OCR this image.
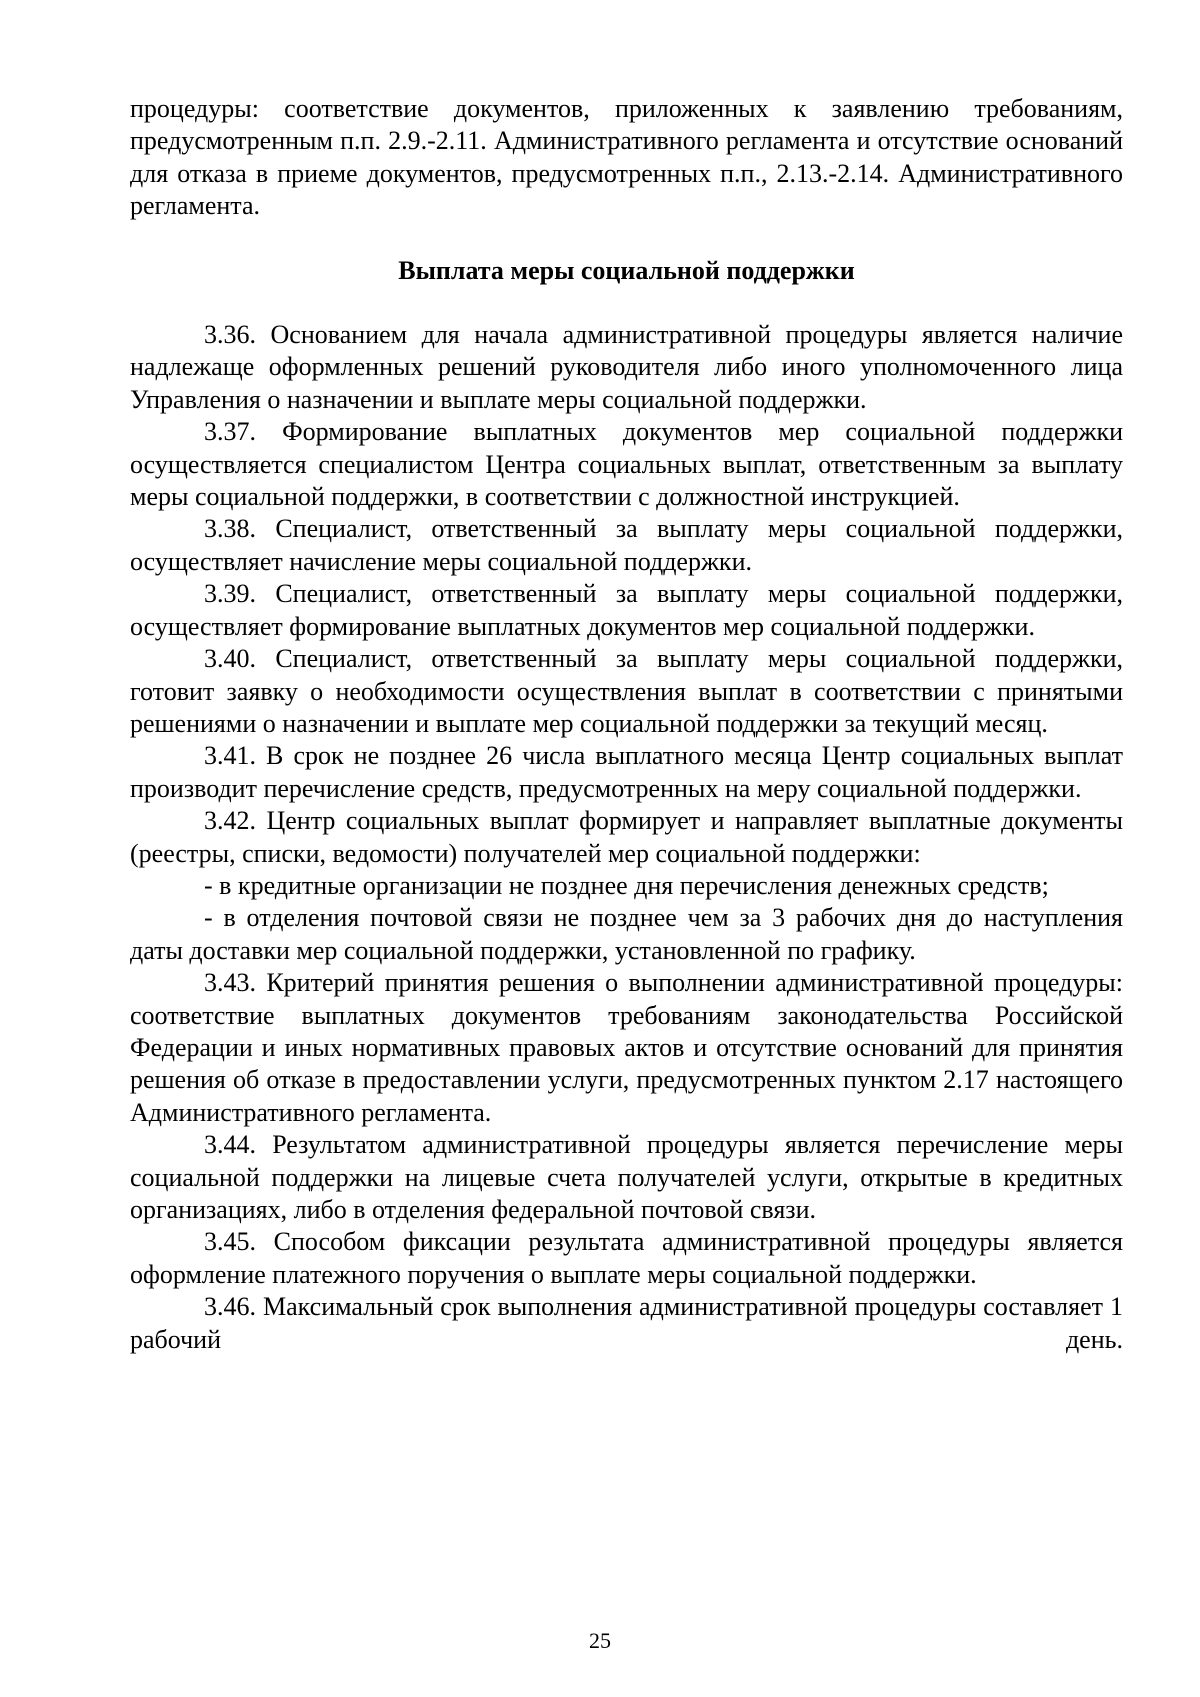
процедуры: соответствие документов, приложенных к заявлению требованиям, предусмотренным п.п. 2.9.-2.11. Административного регламента и отсутствие оснований для отказа в приеме документов, предусмотренных п.п., 2.13.-2.14. Административного регламента.

Выплата меры социальной поддержки

3.36. Основанием для начала административной процедуры является наличие надлежаще оформленных решений руководителя либо иного уполномоченного лица Управления о назначении и выплате меры социальной поддержки.

3.37. Формирование выплатных документов мер социальной поддержки осуществляется специалистом Центра социальных выплат, ответственным за выплату меры социальной поддержки, в соответствии с должностной инструкцией.

3.38. Специалист, ответственный за выплату меры социальной поддержки, осуществляет начисление меры социальной поддержки.

3.39. Специалист, ответственный за выплату меры социальной поддержки, осуществляет формирование выплатных документов мер социальной поддержки.

3.40. Специалист, ответственный за выплату меры социальной поддержки, готовит заявку о необходимости осуществления выплат в соответствии с принятыми решениями о назначении и выплате мер социальной поддержки за текущий месяц.

3.41. В срок не позднее 26 числа выплатного месяца Центр социальных выплат производит перечисление средств, предусмотренных на меру социальной поддержки.

3.42. Центр социальных выплат формирует и направляет выплатные документы (реестры, списки, ведомости) получателей мер социальной поддержки:

- в кредитные организации не позднее дня перечисления денежных средств;

- в отделения почтовой связи не позднее чем за 3 рабочих дня до наступления даты доставки мер социальной поддержки, установленной по графику.

3.43. Критерий принятия решения о выполнении административной процедуры: соответствие выплатных документов требованиям законодательства Российской Федерации и иных нормативных правовых актов и отсутствие оснований для принятия решения об отказе в предоставлении услуги, предусмотренных пунктом 2.17 настоящего Административного регламента.

3.44. Результатом административной процедуры является перечисление меры социальной поддержки на лицевые счета получателей услуги, открытые в кредитных организациях, либо в отделения федеральной почтовой связи.

3.45. Способом фиксации результата административной процедуры является оформление платежного поручения о выплате меры социальной поддержки.

3.46. Максимальный срок выполнения административной процедуры составляет 1 рабочий день.

25
